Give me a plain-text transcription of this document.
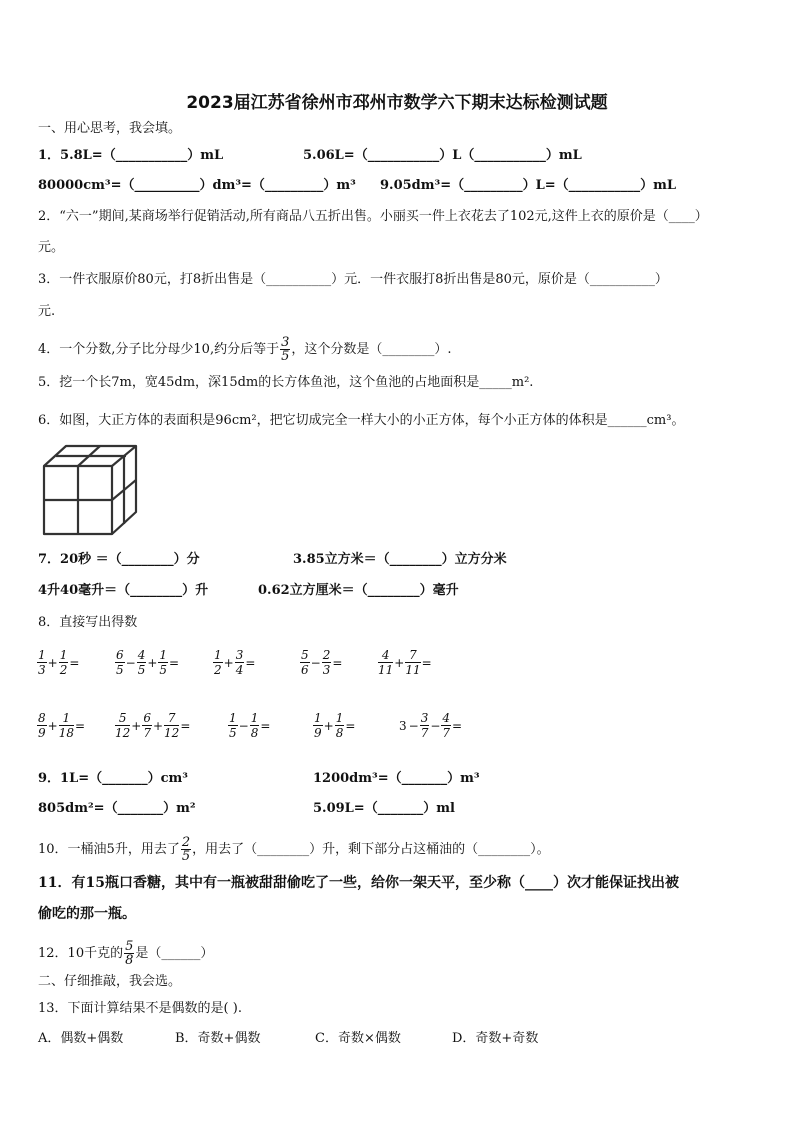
2023届江苏省徐州市邳州市数学六下期末达标检测试题
一、用心思考，我会填。
1．5.8L=（___________）mL	5.06L=（___________）L（___________）mL
80000cm³=（__________）dm³=（_________）m³ 9.05dm³=（_________）L=（___________）mL
2．“六一”期间,某商场举行促销活动,所有商品八五折出售。小丽买一件上衣花去了102元,这件上衣的原价是（____）
元。
3．一件衣服原价80元，打8折出售是（__________）元．一件衣服打8折出售是80元，原价是（__________）
元.
4．一个分数,分子比分母少10,约分后等于 $\frac{3}{5}$ ，这个分数是（________）.
5．挖一个长7m，宽45dm，深15dm的长方体鱼池，这个鱼池的占地面积是_____m².
6．如图，大正方体的表面积是96cm²，把它切成完全一样大小的小正方体，每个小正方体的体积是______cm³。
7．20秒 ＝（________）分	3.85立方米＝（________）立方分米
4升40毫升＝（________）升	0.62立方厘米＝（________）毫升
8．直接写出得数
$\frac{1}{3} + \frac{1}{2}$ =	$\frac{6}{5} - \frac{4}{5} + \frac{1}{5}$ =	$\frac{1}{2} + \frac{3}{4}$ =	$\frac{5}{6} - \frac{2}{3}$ =	$\frac{4}{11} + \frac{7}{11}$ =
$\frac{8}{9} + \frac{1}{18} = \frac{5}{12} + \frac{6}{7} + \frac{7}{12}$ =	$\frac{1}{5} - \frac{1}{8}$ =	$\frac{1}{9} + \frac{1}{8}$ =	$3 - \frac{3}{7} - \frac{4}{7}$ =
9．1L=（_______）cm³	1200dm³=（_______）m³
805dm²=（_______）m²	5.09L=（_______）ml
10．一桶油5升，用去了 $\frac{2}{5}$ ，用去了（________）升，剩下部分占这桶油的（________）。
11．有15瓶口香糖，其中有一瓶被甜甜偷吃了一些，给你一架天平，至少称（____）次才能保证找出被
偷吃的那一瓶。
12．10千克的 $\frac{5}{8}$ 是（______）
二、仔细推敲，我会选。
13．下面计算结果不是偶数的是( ).
A．偶数+偶数	B．奇数+偶数	C．奇数×偶数	D．奇数+奇数
